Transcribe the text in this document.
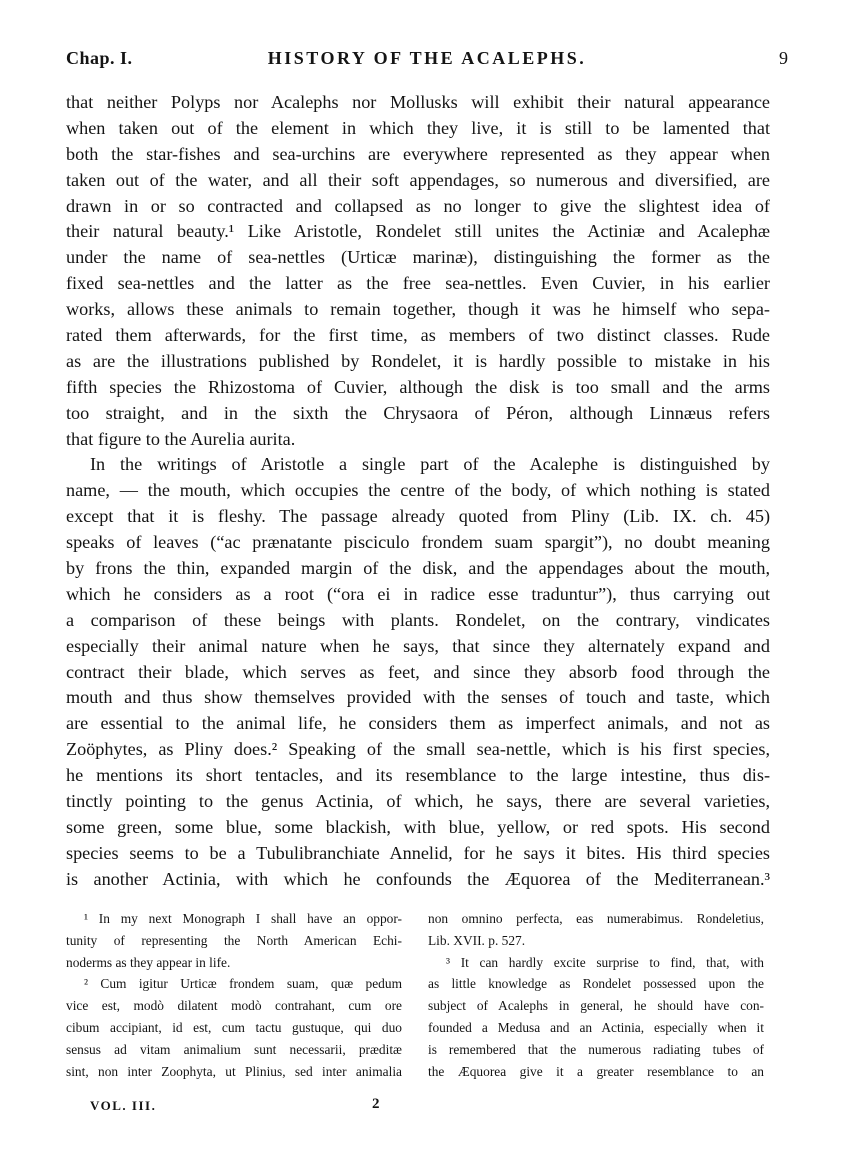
Chap. I.	HISTORY OF THE ACALEPHS.	9
that neither Polyps nor Acalephs nor Mollusks will exhibit their natural appearance
when taken out of the element in which they live, it is still to be lamented that
both the star-fishes and sea-urchins are everywhere represented as they appear when
taken out of the water, and all their soft appendages, so numerous and diversified, are
drawn in or so contracted and collapsed as no longer to give the slightest idea of
their natural beauty.¹ Like Aristotle, Rondelet still unites the Actiniæ and Acalephæ
under the name of sea-nettles (Urticæ marinæ), distinguishing the former as the
fixed sea-nettles and the latter as the free sea-nettles. Even Cuvier, in his earlier
works, allows these animals to remain together, though it was he himself who sepa-
rated them afterwards, for the first time, as members of two distinct classes. Rude
as are the illustrations published by Rondelet, it is hardly possible to mistake in his
fifth species the Rhizostoma of Cuvier, although the disk is too small and the arms
too straight, and in the sixth the Chrysaora of Péron, although Linnæus refers
that figure to the Aurelia aurita.
In the writings of Aristotle a single part of the Acalephe is distinguished by
name, — the mouth, which occupies the centre of the body, of which nothing is stated
except that it is fleshy. The passage already quoted from Pliny (Lib. IX. ch. 45)
speaks of leaves (“ac prænatante pisciculo frondem suam spargit”), no doubt meaning
by frons the thin, expanded margin of the disk, and the appendages about the mouth,
which he considers as a root (“ora ei in radice esse traduntur”), thus carrying out
a comparison of these beings with plants. Rondelet, on the contrary, vindicates
especially their animal nature when he says, that since they alternately expand and
contract their blade, which serves as feet, and since they absorb food through the
mouth and thus show themselves provided with the senses of touch and taste, which
are essential to the animal life, he considers them as imperfect animals, and not as
Zoöphytes, as Pliny does.² Speaking of the small sea-nettle, which is his first species,
he mentions its short tentacles, and its resemblance to the large intestine, thus dis-
tinctly pointing to the genus Actinia, of which, he says, there are several varieties,
some green, some blue, some blackish, with blue, yellow, or red spots. His second
species seems to be a Tubulibranchiate Annelid, for he says it bites. His third species
is another Actinia, with which he confounds the Æquorea of the Mediterranean.³
¹ In my next Monograph I shall have an oppor-
tunity of representing the North American Echi-
noderms as they appear in life.
² Cum igitur Urticæ frondem suam, quæ pedum
vice est, modò dilatent modò contrahant, cum ore
cibum accipiant, id est, cum tactu gustuque, qui duo
sensus ad vitam animalium sunt necessarii, præditæ
sint, non inter Zoophyta, ut Plinius, sed inter animalia
non omnino perfecta, eas numerabimus. Rondeletius,
Lib. XVII. p. 527.
³ It can hardly excite surprise to find, that, with
as little knowledge as Rondelet possessed upon the
subject of Acalephs in general, he should have con-
founded a Medusa and an Actinia, especially when it
is remembered that the numerous radiating tubes of
the Æquorea give it a greater resemblance to an
VOL. III.	2
